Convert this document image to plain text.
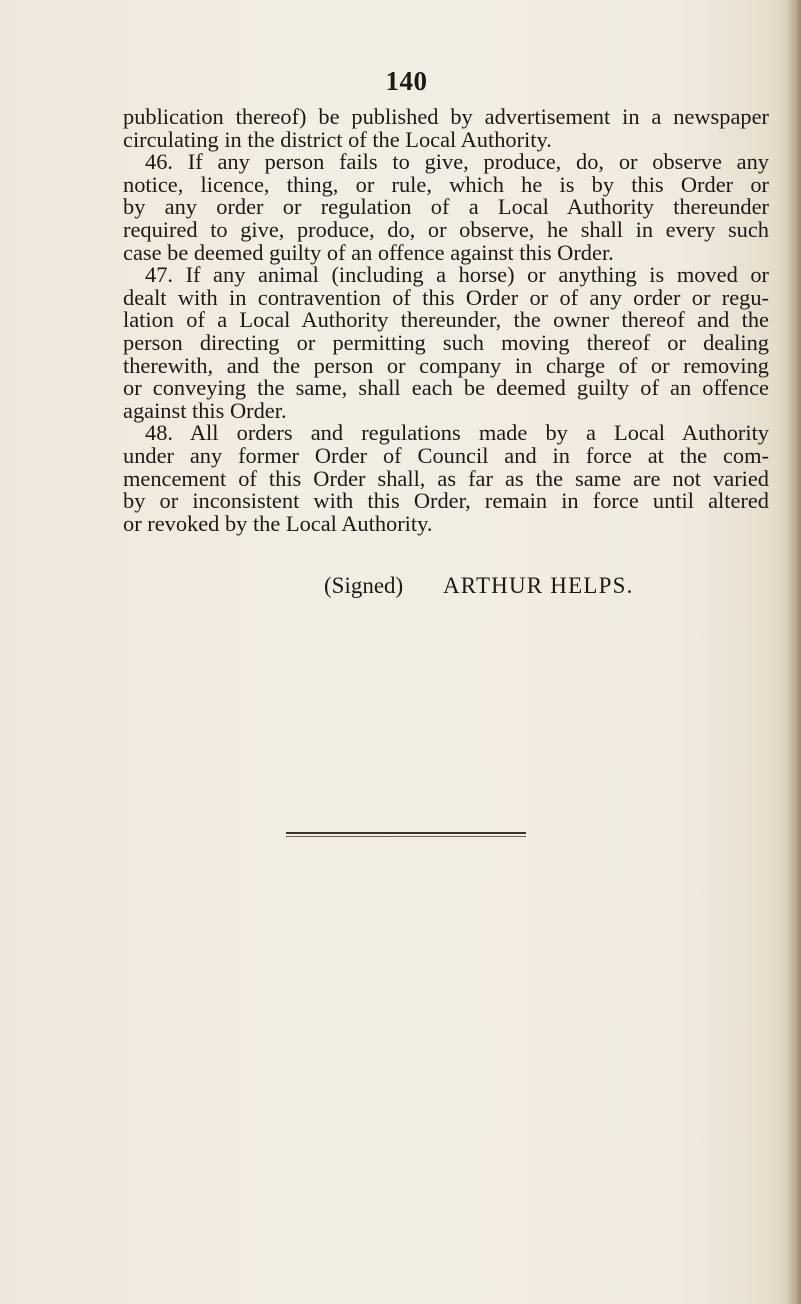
140
publication thereof) be published by advertisement in a newspaper
circulating in the district of the Local Authority.
46. If any person fails to give, produce, do, or observe any
notice, licence, thing, or rule, which he is by this Order or
by any order or regulation of a Local Authority thereunder
required to give, produce, do, or observe, he shall in every such
case be deemed guilty of an offence against this Order.
47. If any animal (including a horse) or anything is moved or
dealt with in contravention of this Order or of any order or regu-
lation of a Local Authority thereunder, the owner thereof and the
person directing or permitting such moving thereof or dealing
therewith, and the person or company in charge of or removing
or conveying the same, shall each be deemed guilty of an offence
against this Order.
48. All orders and regulations made by a Local Authority
under any former Order of Council and in force at the com-
mencement of this Order shall, as far as the same are not varied
by or inconsistent with this Order, remain in force until altered
or revoked by the Local Authority.
(Signed) ARTHUR HELPS.
